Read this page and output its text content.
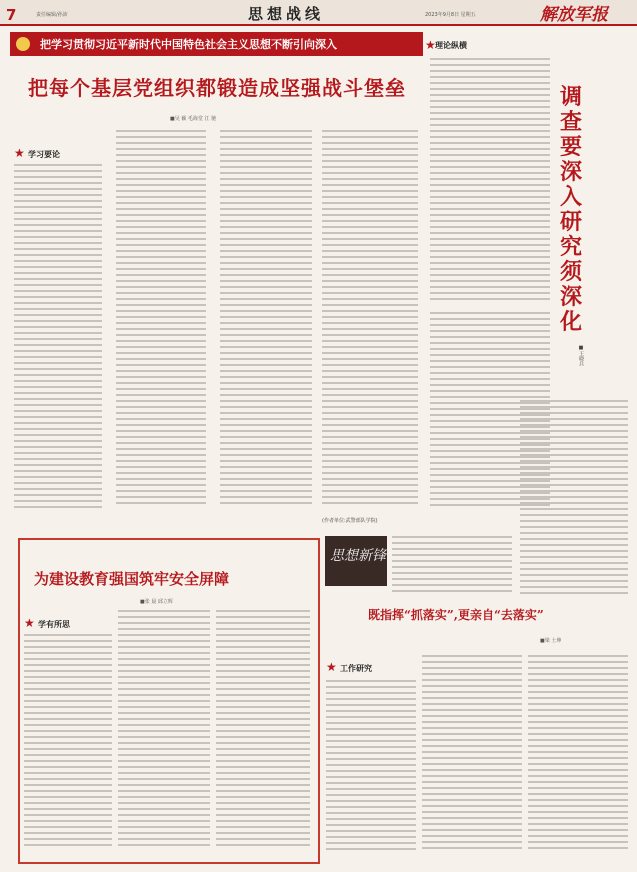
7	责任编辑/孙沛	思想战线	2023年9月8日 星期五	解放军报
把学习贯彻习近平新时代中国特色社会主义思想不断引向深入
把每个基层党组织都锻造成坚强战斗堡垒
■吴 颖 毛海堂 江 驰
★ 学习要论
(作者单位:武警部队学院)
★ 理论纵横
调查要深入 研究须深化
■王晓兵
为建设教育强国筑牢安全屏障
■张 晨 邱立辉
★ 学有所思
思想新锋
既指挥“抓落实”,更亲自“去落实”
■梁 土坤
★ 工作研究
